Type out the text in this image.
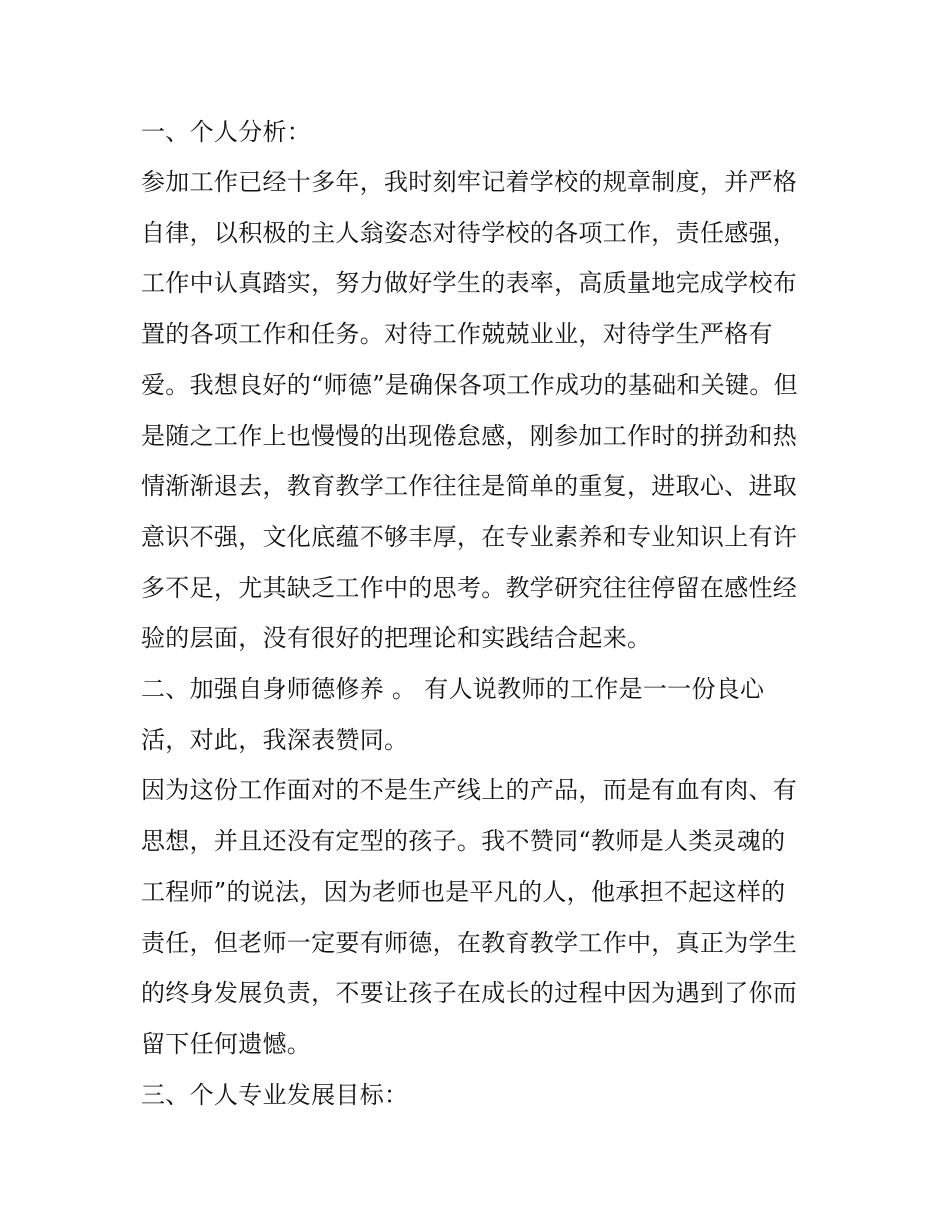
一、个人分析：
参加工作已经十多年，我时刻牢记着学校的规章制度，并严格
自律，以积极的主人翁姿态对待学校的各项工作，责任感强，
工作中认真踏实，努力做好学生的表率，高质量地完成学校布
置的各项工作和任务。对待工作兢兢业业，对待学生严格有
爱。我想良好的“师德”是确保各项工作成功的基础和关键。但
是随之工作上也慢慢的出现倦怠感，刚参加工作时的拼劲和热
情渐渐退去，教育教学工作往往是简单的重复，进取心、进取
意识不强，文化底蕴不够丰厚，在专业素养和专业知识上有许
多不足，尤其缺乏工作中的思考。教学研究往往停留在感性经
验的层面，没有很好的把理论和实践结合起来。
二、加强自身师德修养 。 有人说教师的工作是一一份良心
活，对此，我深表赞同。
因为这份工作面对的不是生产线上的产品，而是有血有肉、有
思想，并且还没有定型的孩子。我不赞同“教师是人类灵魂的
工程师”的说法，因为老师也是平凡的人，他承担不起这样的
责任，但老师一定要有师德，在教育教学工作中，真正为学生
的终身发展负责，不要让孩子在成长的过程中因为遇到了你而
留下任何遗憾。
三、个人专业发展目标：
